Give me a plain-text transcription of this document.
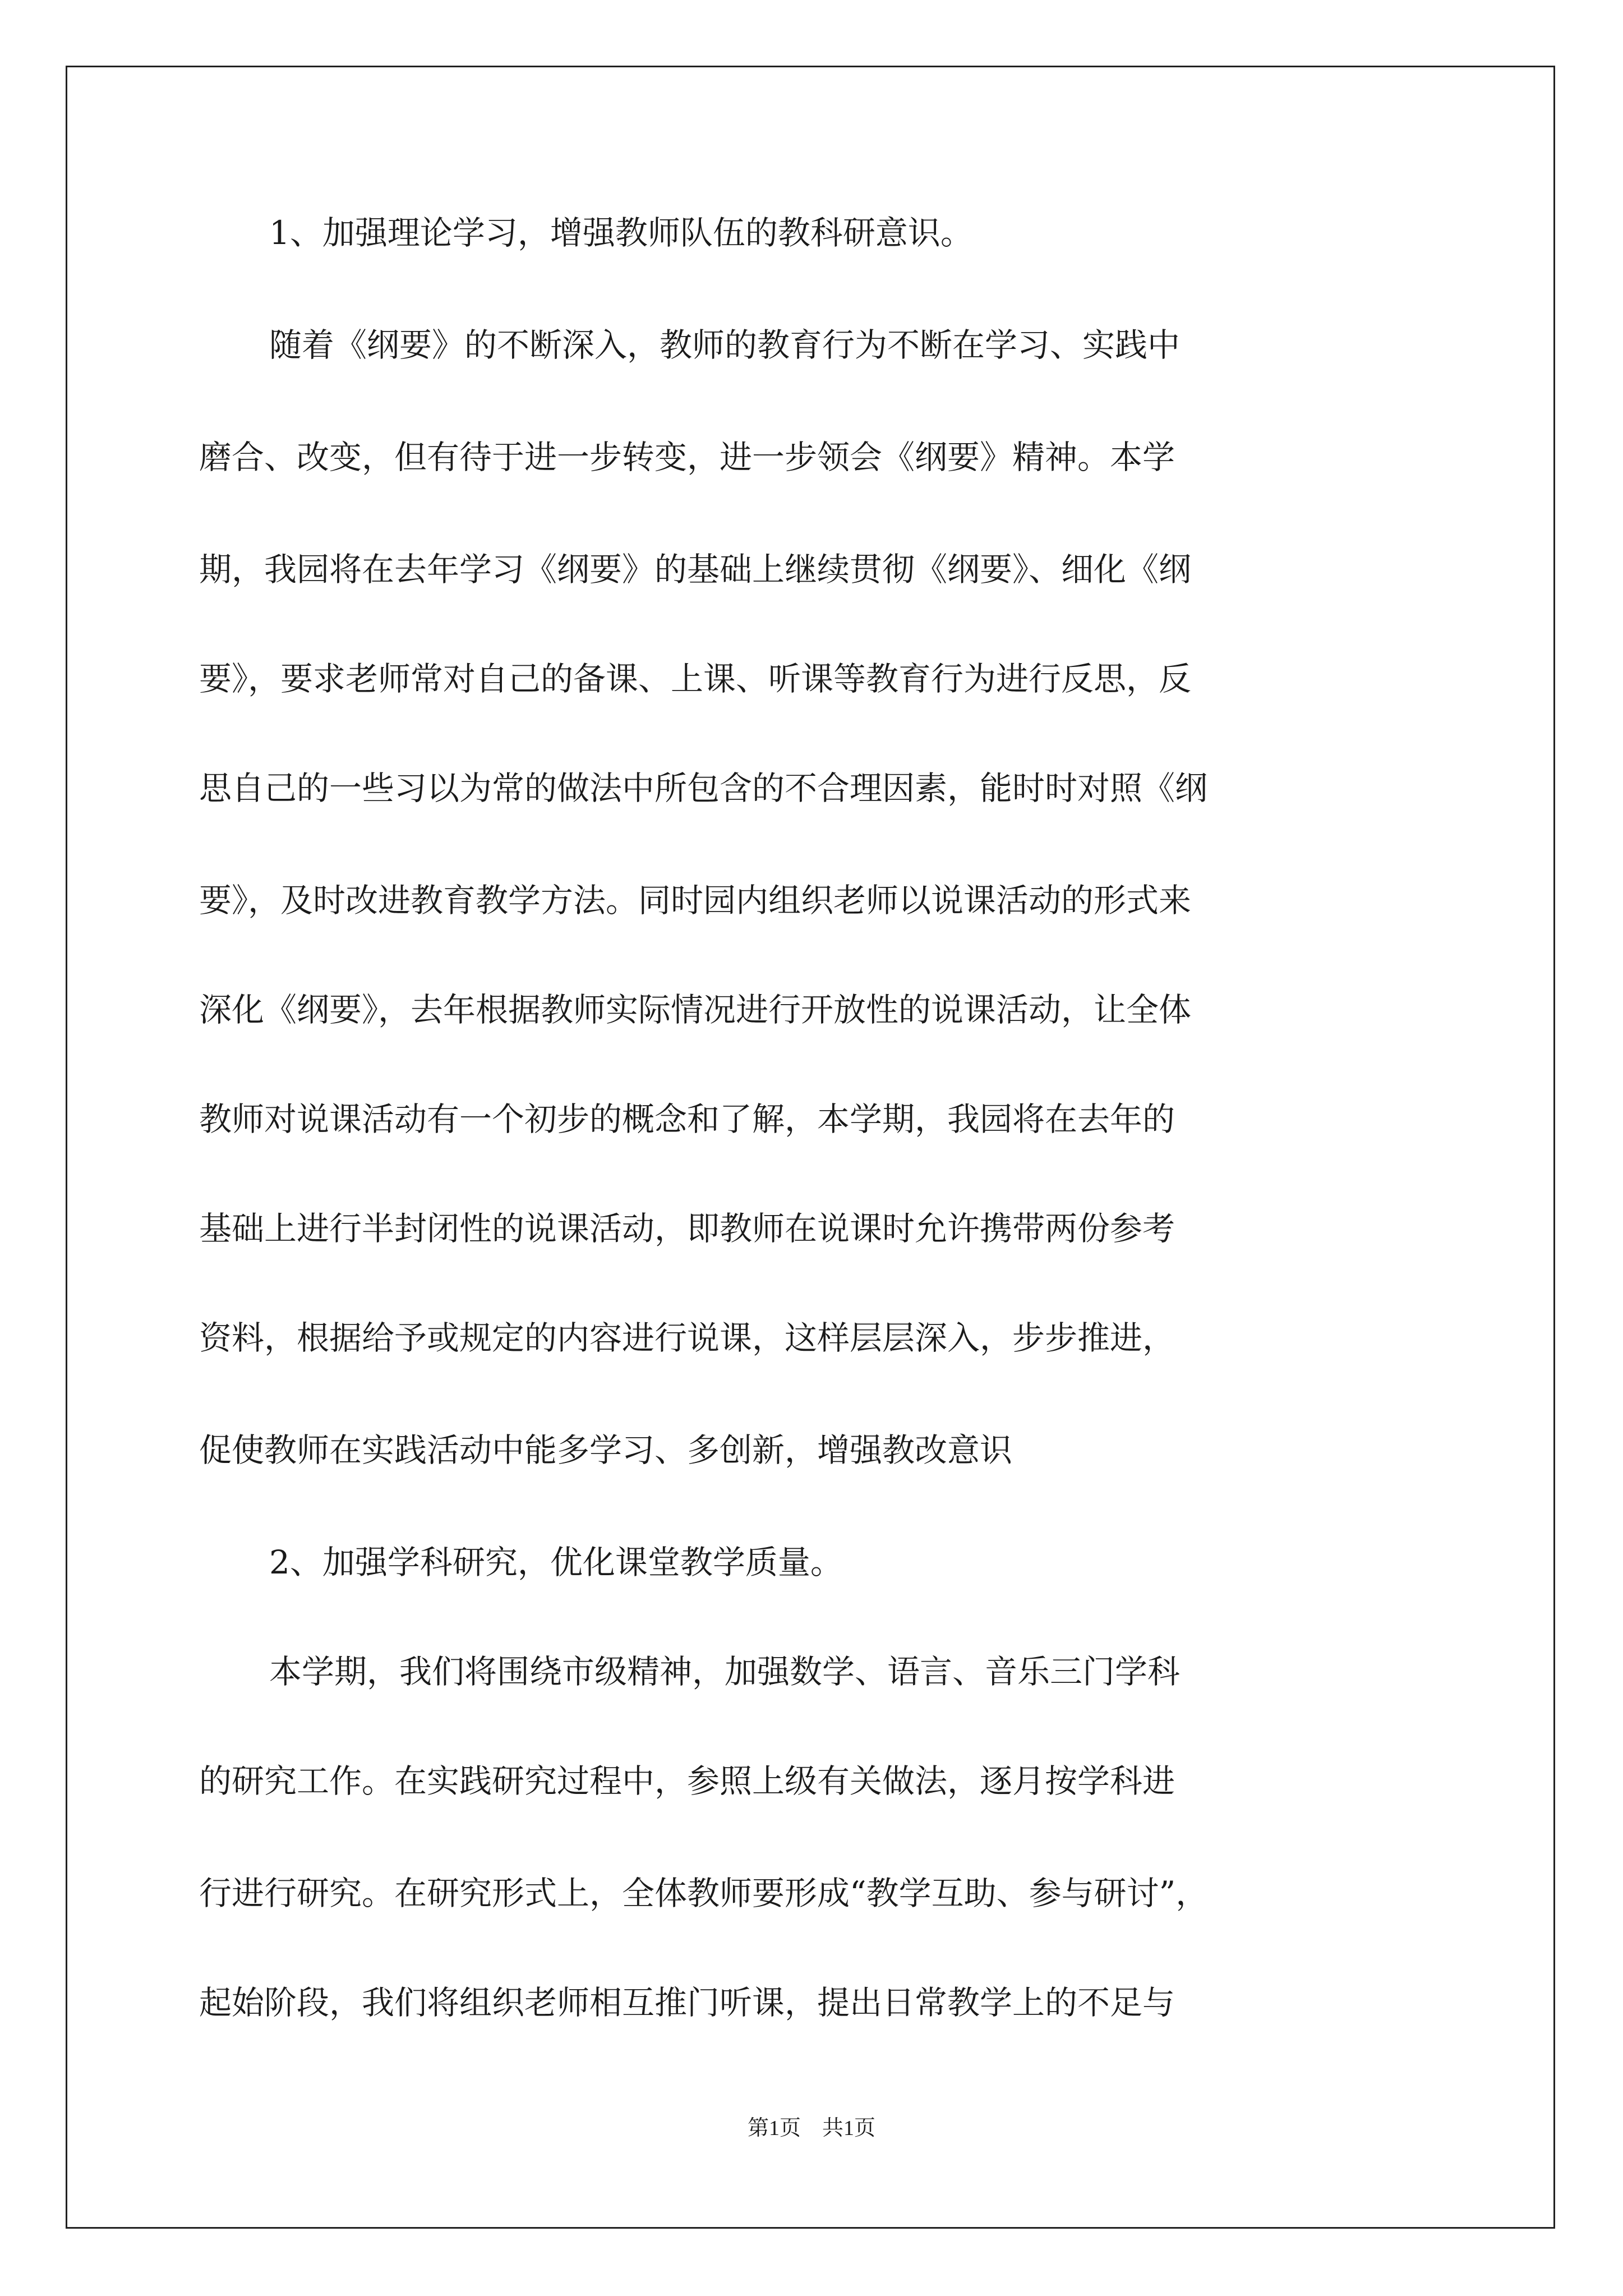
1、加强理论学习，增强教师队伍的教科研意识。

随着《纲要》的不断深入，教师的教育行为不断在学习、实践中

磨合、改变，但有待于进一步转变，进一步领会《纲要》精神。本学

期，我园将在去年学习《纲要》的基础上继续贯彻《纲要》、细化《纲

要》，要求老师常对自己的备课、上课、听课等教育行为进行反思，反

思自己的一些习以为常的做法中所包含的不合理因素，能时时对照《纲

要》，及时改进教育教学方法。同时园内组织老师以说课活动的形式来

深化《纲要》，去年根据教师实际情况进行开放性的说课活动，让全体

教师对说课活动有一个初步的概念和了解，本学期，我园将在去年的

基础上进行半封闭性的说课活动，即教师在说课时允许携带两份参考

资料，根据给予或规定的内容进行说课，这样层层深入，步步推进，

促使教师在实践活动中能多学习、多创新，增强教改意识

2、加强学科研究，优化课堂教学质量。

本学期，我们将围绕市级精神，加强数学、语言、音乐三门学科

的研究工作。在实践研究过程中，参照上级有关做法，逐月按学科进

行进行研究。在研究形式上，全体教师要形成“教学互助、参与研讨”，

起始阶段，我们将组织老师相互推门听课，提出日常教学上的不足与

第1页　共1页
